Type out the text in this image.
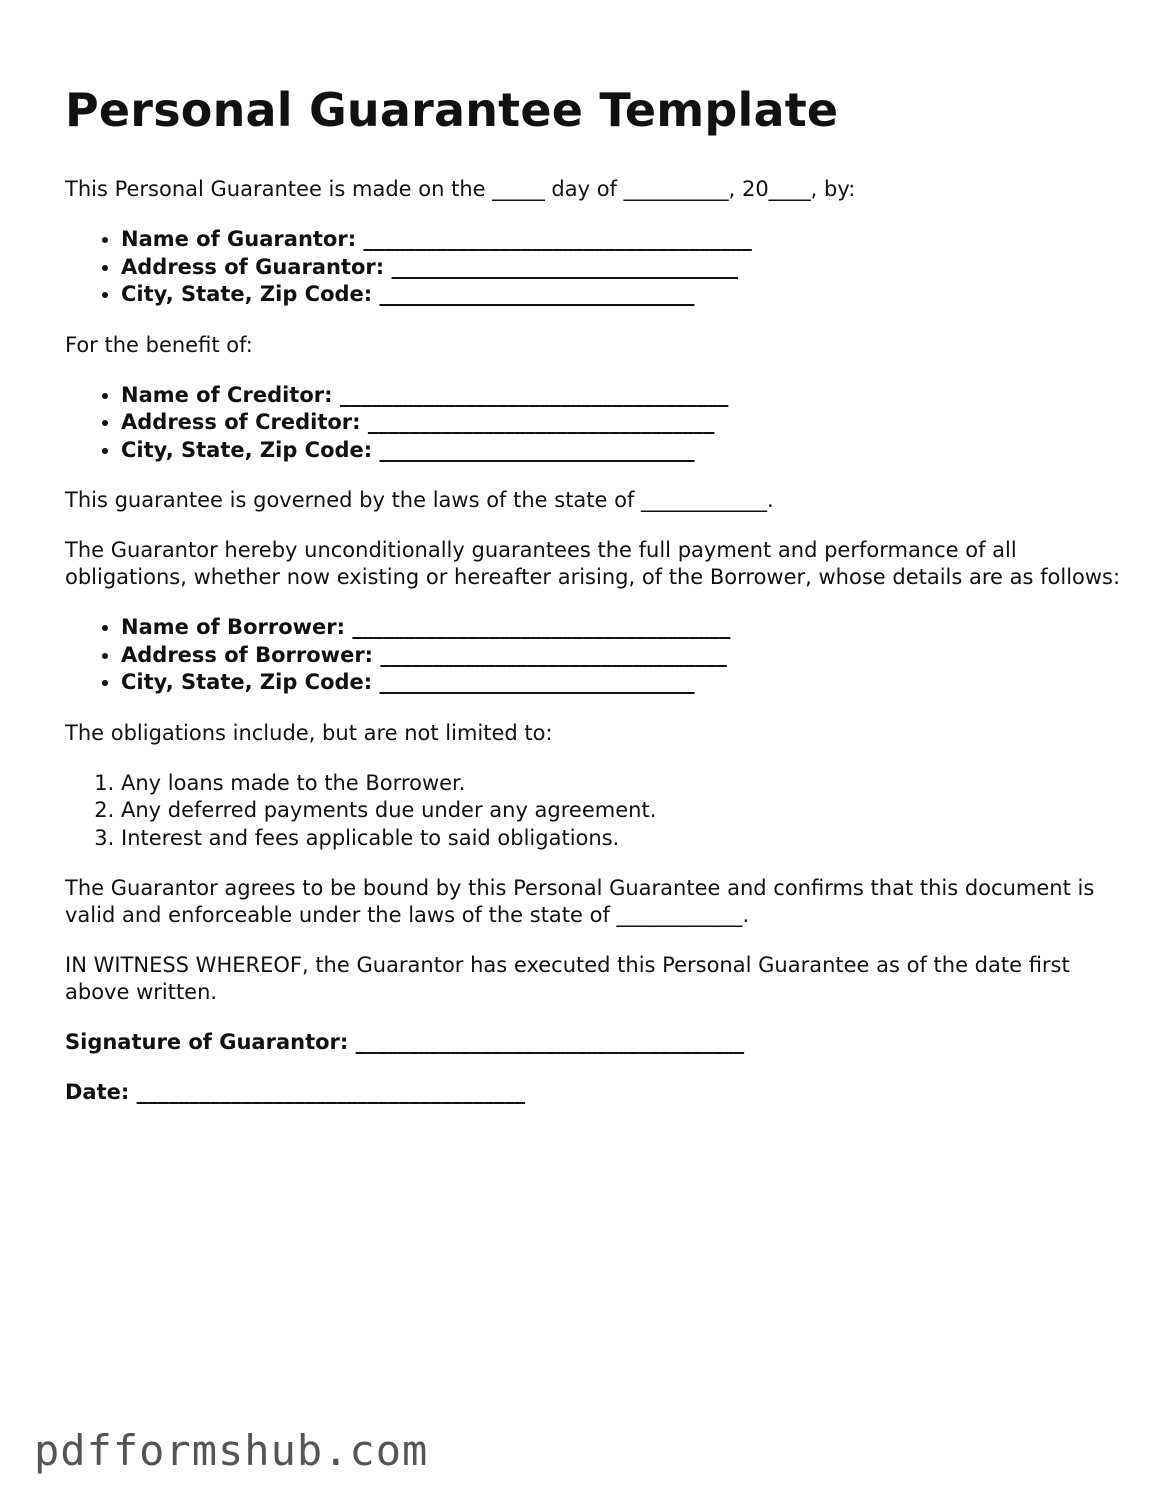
Personal Guarantee Template

This Personal Guarantee is made on the _____ day of __________, 20____, by:

• Name of Guarantor: _____________________________________
• Address of Guarantor: _________________________________
• City, State, Zip Code: ______________________________

For the benefit of:

• Name of Creditor: _____________________________________
• Address of Creditor: _________________________________
• City, State, Zip Code: ______________________________

This guarantee is governed by the laws of the state of ____________.

The Guarantor hereby unconditionally guarantees the full payment and performance of all obligations, whether now existing or hereafter arising, of the Borrower, whose details are as follows:

• Name of Borrower: ____________________________________
• Address of Borrower: _________________________________
• City, State, Zip Code: ______________________________

The obligations include, but are not limited to:

1. Any loans made to the Borrower.
2. Any deferred payments due under any agreement.
3. Interest and fees applicable to said obligations.

The Guarantor agrees to be bound by this Personal Guarantee and confirms that this document is valid and enforceable under the laws of the state of ____________.

IN WITNESS WHEREOF, the Guarantor has executed this Personal Guarantee as of the date first above written.

Signature of Guarantor: _____________________________________

Date: _____________________________________

pdfformshub.com
